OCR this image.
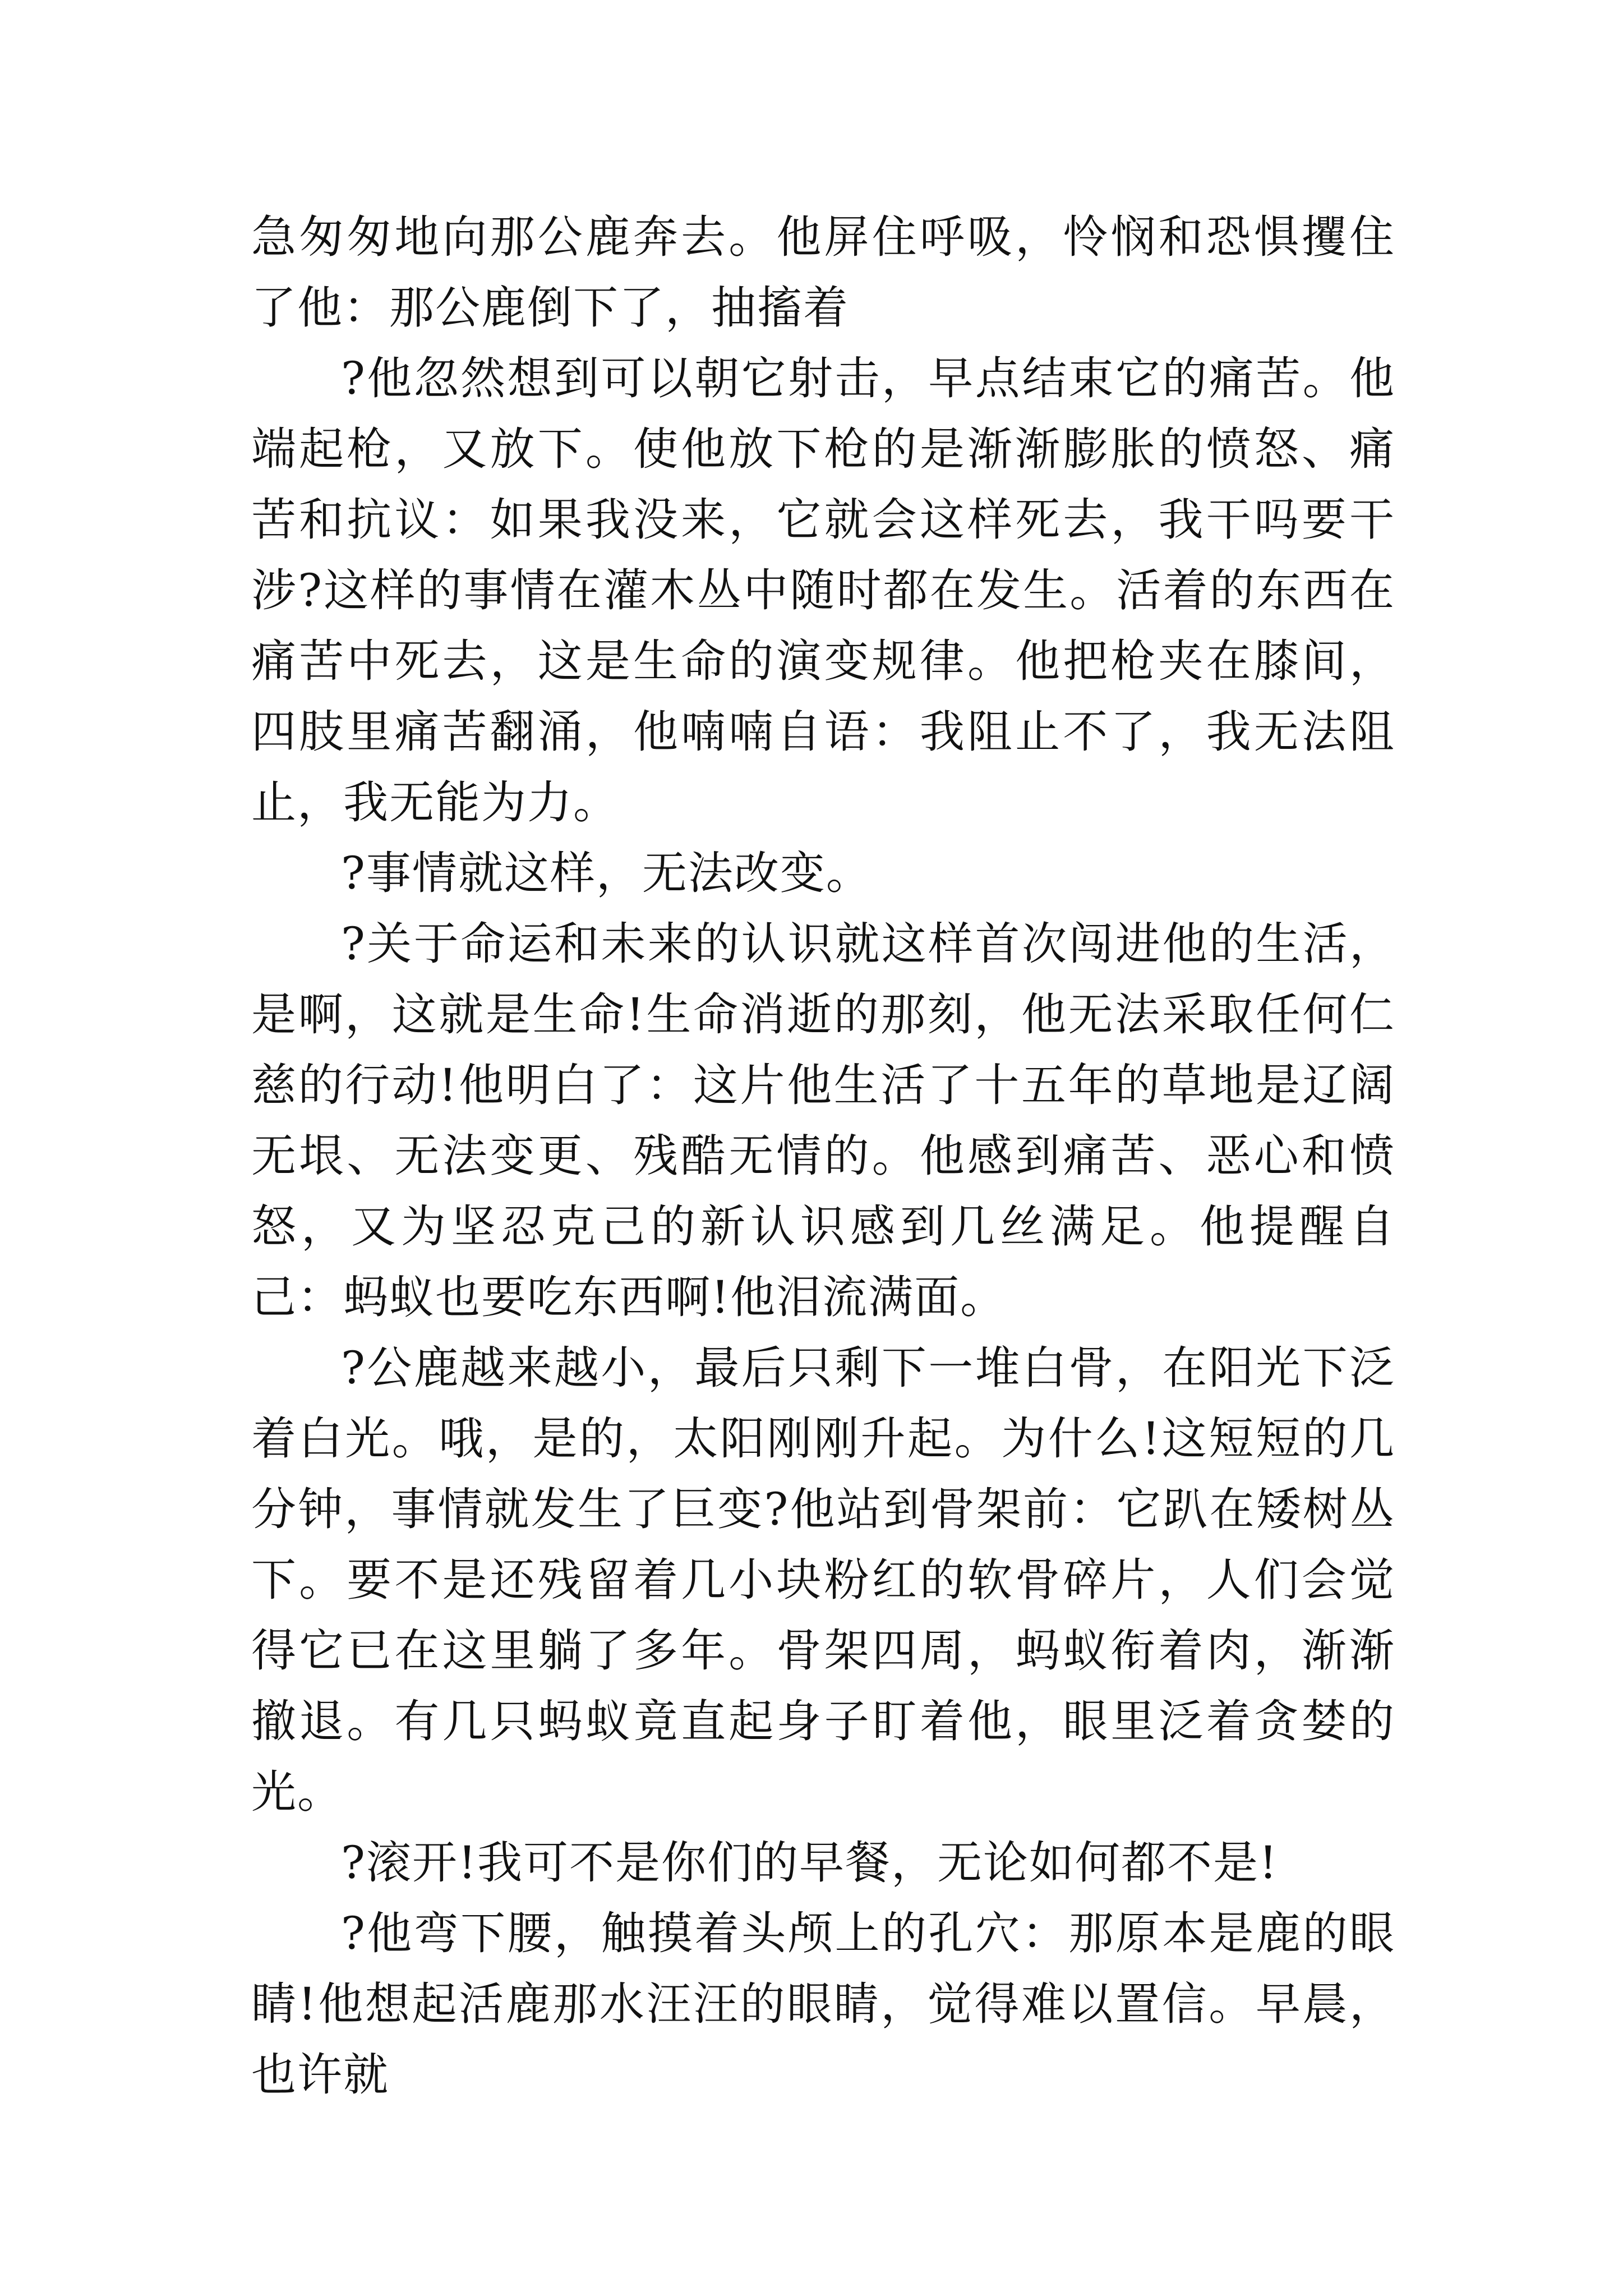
急匆匆地向那公鹿奔去。他屏住呼吸，怜悯和恐惧攫住了他：那公鹿倒下了，抽搐着

?他忽然想到可以朝它射击，早点结束它的痛苦。他端起枪，又放下。使他放下枪的是渐渐膨胀的愤怒、痛苦和抗议：如果我没来，它就会这样死去，我干吗要干涉?这样的事情在灌木丛中随时都在发生。活着的东西在痛苦中死去，这是生命的演变规律。他把枪夹在膝间，四肢里痛苦翻涌，他喃喃自语：我阻止不了，我无法阻止，我无能为力。

?事情就这样，无法改变。

?关于命运和未来的认识就这样首次闯进他的生活，是啊，这就是生命!生命消逝的那刻，他无法采取任何仁慈的行动!他明白了：这片他生活了十五年的草地是辽阔无垠、无法变更、残酷无情的。他感到痛苦、恶心和愤怒，又为坚忍克己的新认识感到几丝满足。他提醒自己：蚂蚁也要吃东西啊!他泪流满面。

?公鹿越来越小，最后只剩下一堆白骨，在阳光下泛着白光。哦，是的，太阳刚刚升起。为什么!这短短的几分钟，事情就发生了巨变?他站到骨架前：它趴在矮树丛下。要不是还残留着几小块粉红的软骨碎片，人们会觉得它已在这里躺了多年。骨架四周，蚂蚁衔着肉，渐渐撤退。有几只蚂蚁竟直起身子盯着他，眼里泛着贪婪的光。

?滚开!我可不是你们的早餐，无论如何都不是!

?他弯下腰，触摸着头颅上的孔穴：那原本是鹿的眼睛!他想起活鹿那水汪汪的眼睛，觉得难以置信。早晨，也许就
